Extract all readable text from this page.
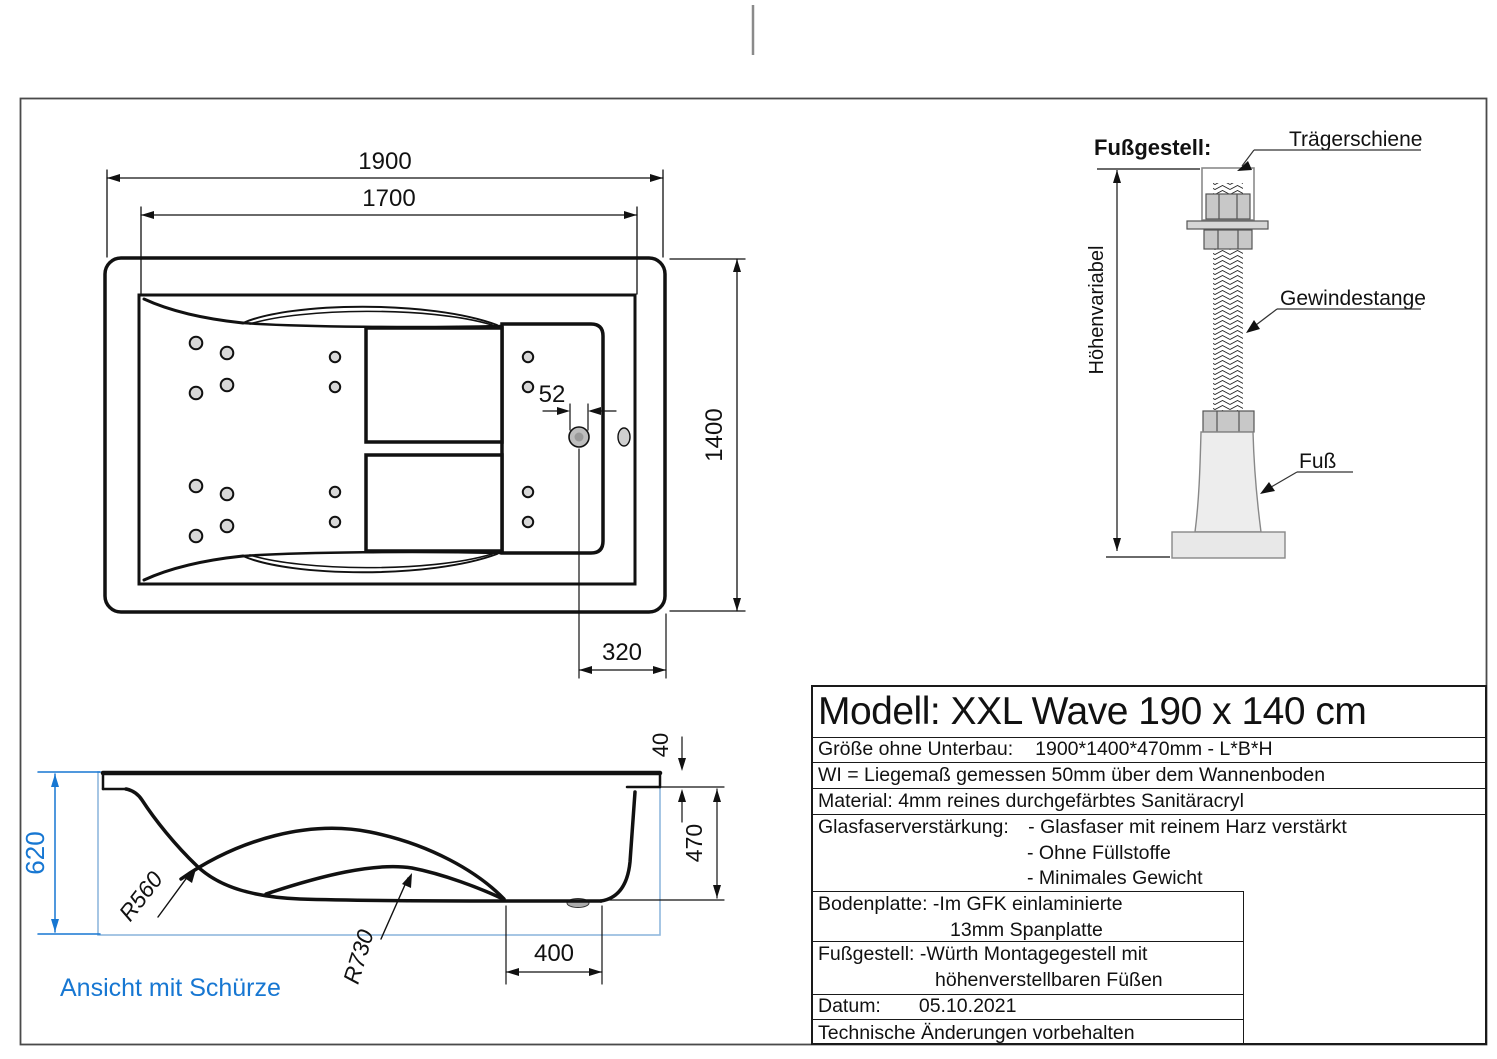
1900
1700
1400
52
320
620
40
470
400
R560
R730
Ansicht mit Schürze
Fußgestell:
Höhenvariabel
Trägerschiene
Gewindestange
Fuß
Modell: XXL Wave 190 x 140 cm
Größe ohne Unterbau: 1900*1400*470mm - L*B*H
WI = Liegemaß gemessen 50mm über dem Wannenboden
Material: 4mm reines durchgefärbtes Sanitäracryl
Glasfaserverstärkung: - Glasfaser mit reinem Harz verstärkt
- Ohne Füllstoffe
- Minimales Gewicht
Bodenplatte: -Im GFK einlaminierte
13mm Spanplatte
Fußgestell: -Würth Montagegestell mit
höhenverstellbaren Füßen
Datum: 05.10.2021
Technische Änderungen vorbehalten
